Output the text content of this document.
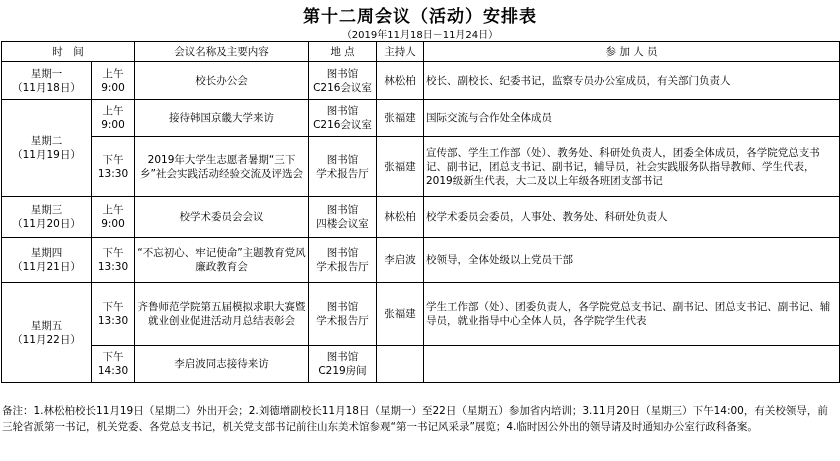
第十二周会议（活动）安排表
（2019年11月18日－11月24日）
时　间		会议名称及主要内容	地 点	主持人	参 加 人 员

星期一
（11月18日）	上午
9:00	校长办公会	图书馆
C216会议室	林松柏	校长、副校长、纪委书记，监察专员办公室成员，有关部门负责人

星期二
（11月19日）	上午
9:00	接待韩国京畿大学来访	图书馆
C216会议室	张福建	国际交流与合作处全体成员

	下午
13:30	2019年大学生志愿者暑期“三下乡”社会实践活动经验交流及评选会	图书馆
学术报告厅	张福建	宣传部、学生工作部（处）、教务处、科研处负责人，团委全体成员，各学院党总支书记、副书记，团总支书记、副书记，辅导员，社会实践服务队指导教师、学生代表，2019级新生代表，大二及以上年级各班团支部书记

星期三
（11月20日）	上午
9:00	校学术委员会会议	图书馆
四楼会议室	林松柏	校学术委员会委员，人事处、教务处、科研处负责人

星期四
（11月21日）	下午
13:30	“不忘初心、牢记使命”主题教育党风廉政教育会	图书馆
学术报告厅	李启波	校领导，全体处级以上党员干部

星期五
（11月22日）	下午
13:30	齐鲁师范学院第五届模拟求职大赛暨就业创业促进活动月总结表彰会	图书馆
学术报告厅	张福建	学生工作部（处）、团委负责人，各学院党总支书记、副书记、团总支书记、副书记、辅导员，就业指导中心全体人员，各学院学生代表

	下午
14:30	李启波同志接待来访	图书馆
C219房间		

备注：1.林松柏校长11月19日（星期二）外出开会；2.刘德增副校长11月18日（星期一）至22日（星期五）参加省内培训；3.11月20日（星期三）下午14:00，有关校领导，前三轮省派第一书记，机关党委、各党总支书记，机关党支部书记前往山东美术馆参观“第一书记风采录”展览；4.临时因公外出的领导请及时通知办公室行政科备案。
